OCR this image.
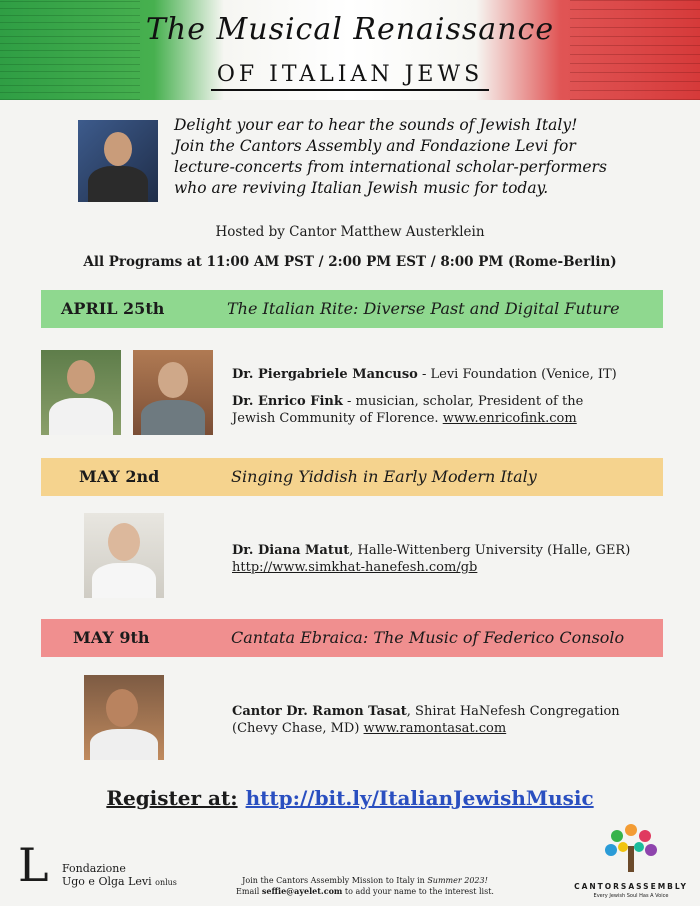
The Musical Renaissance
OF ITALIAN JEWS
Delight your ear to hear the sounds of Jewish Italy!
Join the Cantors Assembly and Fondazione Levi for
lecture-concerts from international scholar-performers
who are reviving Italian Jewish music for today.
Hosted by Cantor Matthew Austerklein
All Programs at 11:00 AM PST / 2:00 PM EST / 8:00 PM (Rome-Berlin)
APRIL 25th	The Italian Rite: Diverse Past and Digital Future
Dr. Piergabriele Mancuso - Levi Foundation (Venice, IT)
Dr. Enrico Fink - musician, scholar, President of the
Jewish Community of Florence. www.enricofink.com
MAY 2nd	Singing Yiddish in Early Modern Italy
Dr. Diana Matut, Halle-Wittenberg University (Halle, GER)
http://www.simkhat-hanefesh.com/gb
MAY 9th	Cantata Ebraica: The Music of Federico Consolo
Cantor Dr. Ramon Tasat, Shirat HaNefesh Congregation
(Chevy Chase, MD) www.ramontasat.com
Register at: http://bit.ly/ItalianJewishMusic
L Fondazione
Ugo e Olga Levi onlus	Join the Cantors Assembly Mission to Italy in Summer 2023!
Email seffie@ayelet.com to add your name to the interest list.
CANTORSASSEMBLY
Every Jewish Soul Has A Voice
